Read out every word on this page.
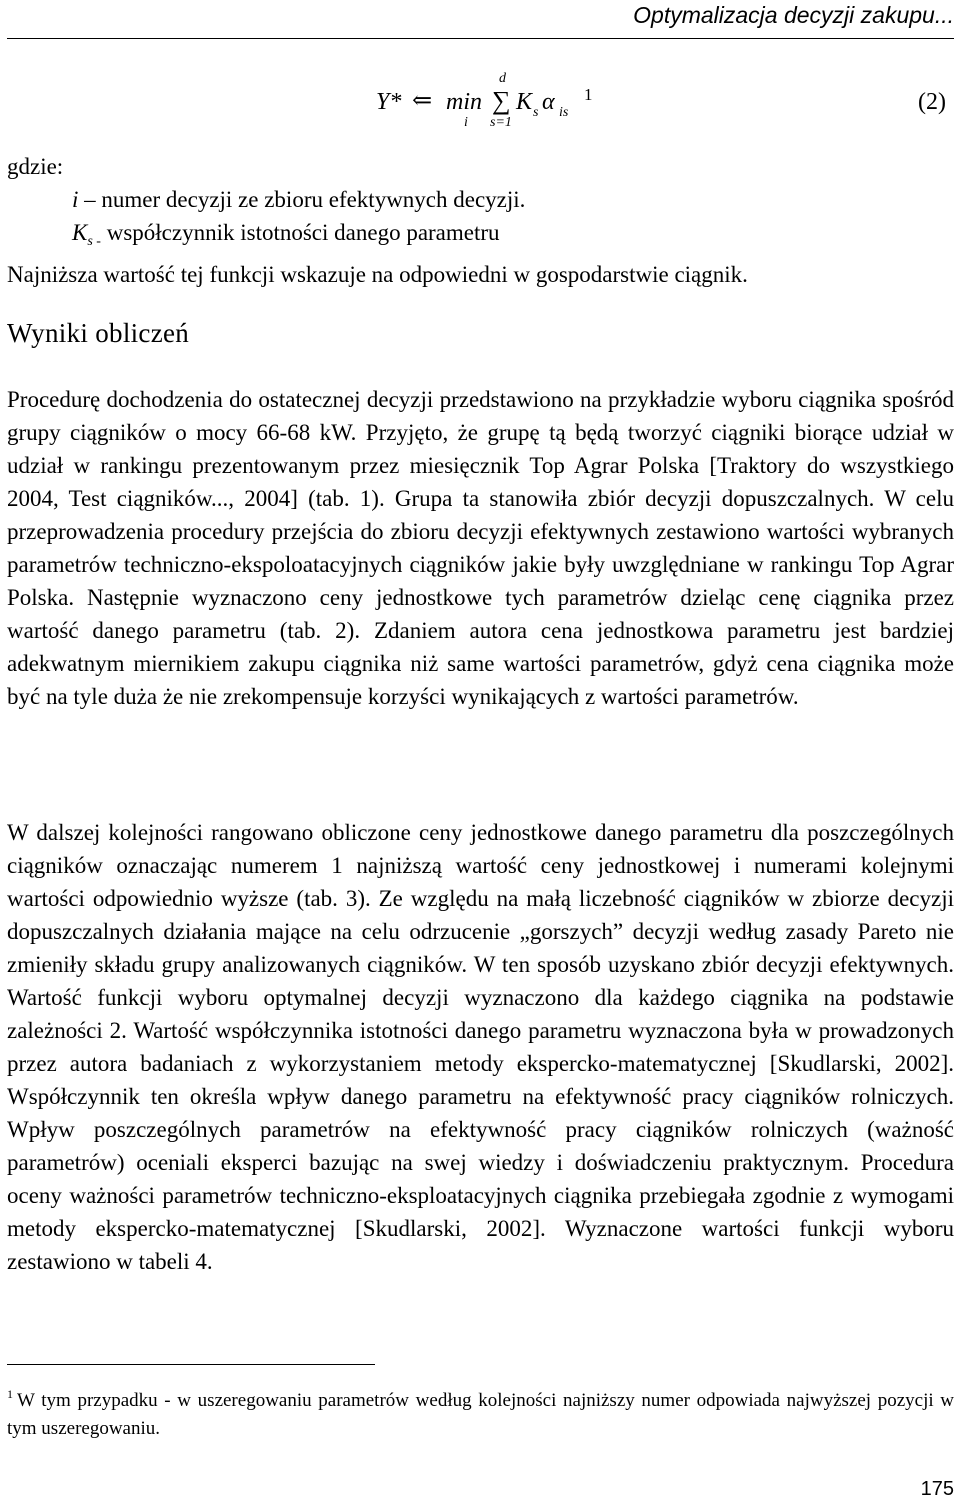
Optymalizacja decyzji zakupu...
Y* ⇐ min
i
d
∑
s=1
K s α is
1	(2)
gdzie:
i – numer decyzji ze zbioru efektywnych decyzji.
$K_{s -}$ współczynnik istotności danego parametru
Najniższa wartość tej funkcji wskazuje na odpowiedni w gospodarstwie ciągnik.
Wyniki obliczeń
Procedurę dochodzenia do ostatecznej decyzji przedstawiono na przykładzie wyboru ciągnika spośród grupy ciągników o mocy 66-68 kW. Przyjęto, że grupę tą będą tworzyć ciągniki biorące udział w udział w rankingu prezentowanym przez miesięcznik Top Agrar Polska [Traktory do wszystkiego 2004, Test ciągników..., 2004] (tab. 1). Grupa ta stanowiła zbiór decyzji dopuszczalnych. W celu przeprowadzenia procedury przejścia do zbioru decyzji efektywnych zestawiono wartości wybranych parametrów techniczno-ekspoloatacyjnych ciągników jakie były uwzględniane w rankingu Top Agrar Polska. Następnie wyznaczono ceny jednostkowe tych parametrów dzieląc cenę ciągnika przez wartość danego parametru (tab. 2). Zdaniem autora cena jednostkowa parametru jest bardziej adekwatnym miernikiem zakupu ciągnika niż same wartości parametrów, gdyż cena ciągnika może być na tyle duża że nie zrekompensuje korzyści wynikających z wartości parametrów.
W dalszej kolejności rangowano obliczone ceny jednostkowe danego parametru dla poszczególnych ciągników oznaczając numerem 1 najniższą wartość ceny jednostkowej i numerami kolejnymi wartości odpowiednio wyższe (tab. 3). Ze względu na małą liczebność ciągników w zbiorze decyzji dopuszczalnych działania mające na celu odrzucenie „gorszych” decyzji według zasady Pareto nie zmieniły składu grupy analizowanych ciągników. W ten sposób uzyskano zbiór decyzji efektywnych. Wartość funkcji wyboru optymalnej decyzji wyznaczono dla każdego ciągnika na podstawie zależności 2. Wartość współczynnika istotności danego parametru wyznaczona była w prowadzonych przez autora badaniach z wykorzystaniem metody ekspercko-matematycznej [Skudlarski, 2002]. Współczynnik ten określa wpływ danego parametru na efektywność pracy ciągników rolniczych. Wpływ poszczególnych parametrów na efektywność pracy ciągników rolniczych (ważność parametrów) oceniali eksperci bazując na swej wiedzy i doświadczeniu praktycznym. Procedura oceny ważności parametrów techniczno-eksploatacyjnych ciągnika przebiegała zgodnie z wymogami metody ekspercko-matematycznej [Skudlarski, 2002]. Wyznaczone wartości funkcji wyboru zestawiono w tabeli 4.
$^1$ W tym przypadku - w uszeregowaniu parametrów według kolejności najniższy numer odpowiada najwyższej pozycji w tym uszeregowaniu.
175
